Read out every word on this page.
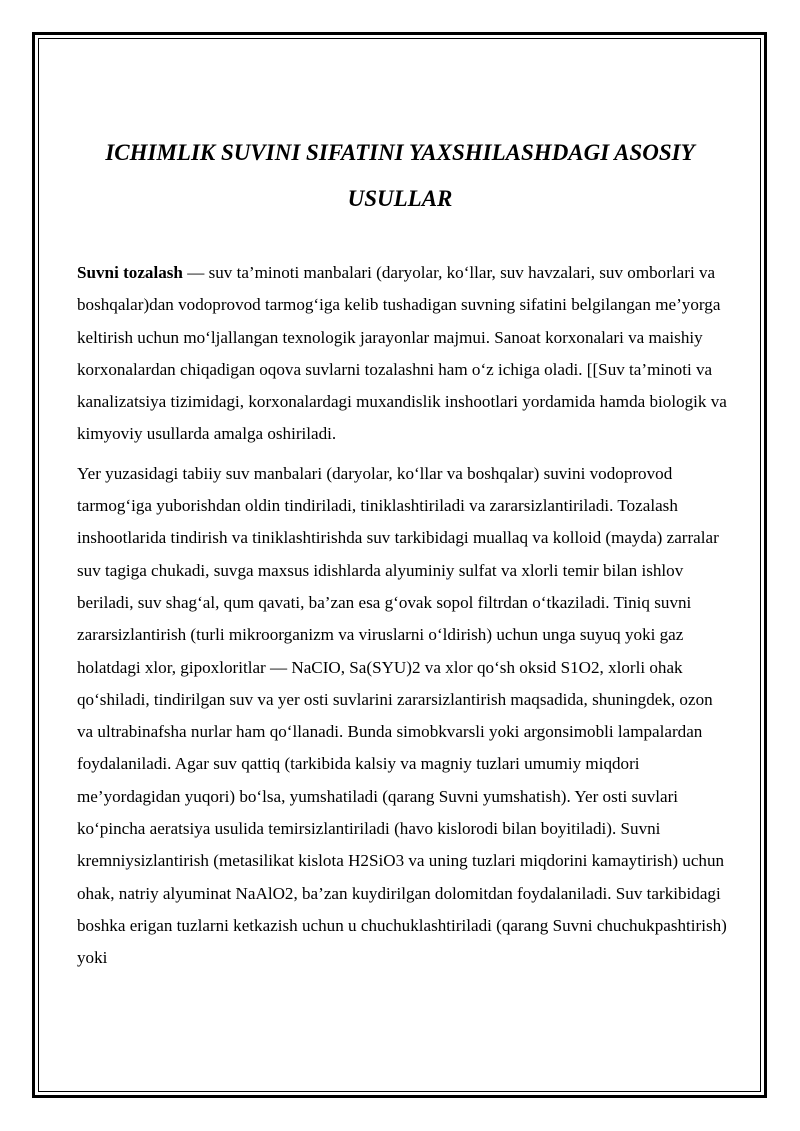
ICHIMLIK SUVINI SIFATINI YAXSHILASHDAGI ASOSIY USULLAR

Suvni tozalash — suv ta’minoti manbalari (daryolar, ko‘llar, suv havzalari, suv omborlari va boshqalar)dan vodoprovod tarmog‘iga kelib tushadigan suvning sifatini belgilangan me’yorga keltirish uchun mo‘ljallangan texnologik jarayonlar majmui. Sanoat korxonalari va maishiy korxonalardan chiqadigan oqova suvlarni tozalashni ham o‘z ichiga oladi. [[Suv ta’minoti va kanalizatsiya tizimidagi, korxonalardagi muxandislik inshootlari yordamida hamda biologik va kimyoviy usullarda amalga oshiriladi.

Yer yuzasidagi tabiiy suv manbalari (daryolar, ko‘llar va boshqalar) suvini vodoprovod tarmog‘iga yuborishdan oldin tindiriladi, tiniklashtiriladi va zararsizlantiriladi. Tozalash inshootlarida tindirish va tiniklashtirishda suv tarkibidagi muallaq va kolloid (mayda) zarralar suv tagiga chukadi, suvga maxsus idishlarda alyuminiy sulfat va xlorli temir bilan ishlov beriladi, suv shag‘al, qum qavati, ba’zan esa g‘ovak sopol filtrdan o‘tkaziladi. Tiniq suvni zararsizlantirish (turli mikroorganizm va viruslarni o‘ldirish) uchun unga suyuq yoki gaz holatdagi xlor, gipoxloritlar — NaCIO, Sa(SYU)2 va xlor qo‘sh oksid S1O2, xlorli ohak qo‘shiladi, tindirilgan suv va yer osti suvlarini zararsizlantirish maqsadida, shuningdek, ozon va ultrabinafsha nurlar ham qo‘llanadi. Bunda simobkvarsli yoki argonsimobli lampalardan foydalaniladi. Agar suv qattiq (tarkibida kalsiy va magniy tuzlari umumiy miqdori me’yordagidan yuqori) bo‘lsa, yumshatiladi (qarang Suvni yumshatish). Yer osti suvlari ko‘pincha aeratsiya usulida temirsizlantiriladi (havo kislorodi bilan boyitiladi). Suvni kremniysizlantirish (metasilikat kislota H2SiO3 va uning tuzlari miqdorini kamaytirish) uchun ohak, natriy alyuminat NaAlO2, ba’zan kuydirilgan dolomitdan foydalaniladi. Suv tarkibidagi boshka erigan tuzlarni ketkazish uchun u chuchuklashtiriladi (qarang Suvni chuchukpashtirish) yoki
